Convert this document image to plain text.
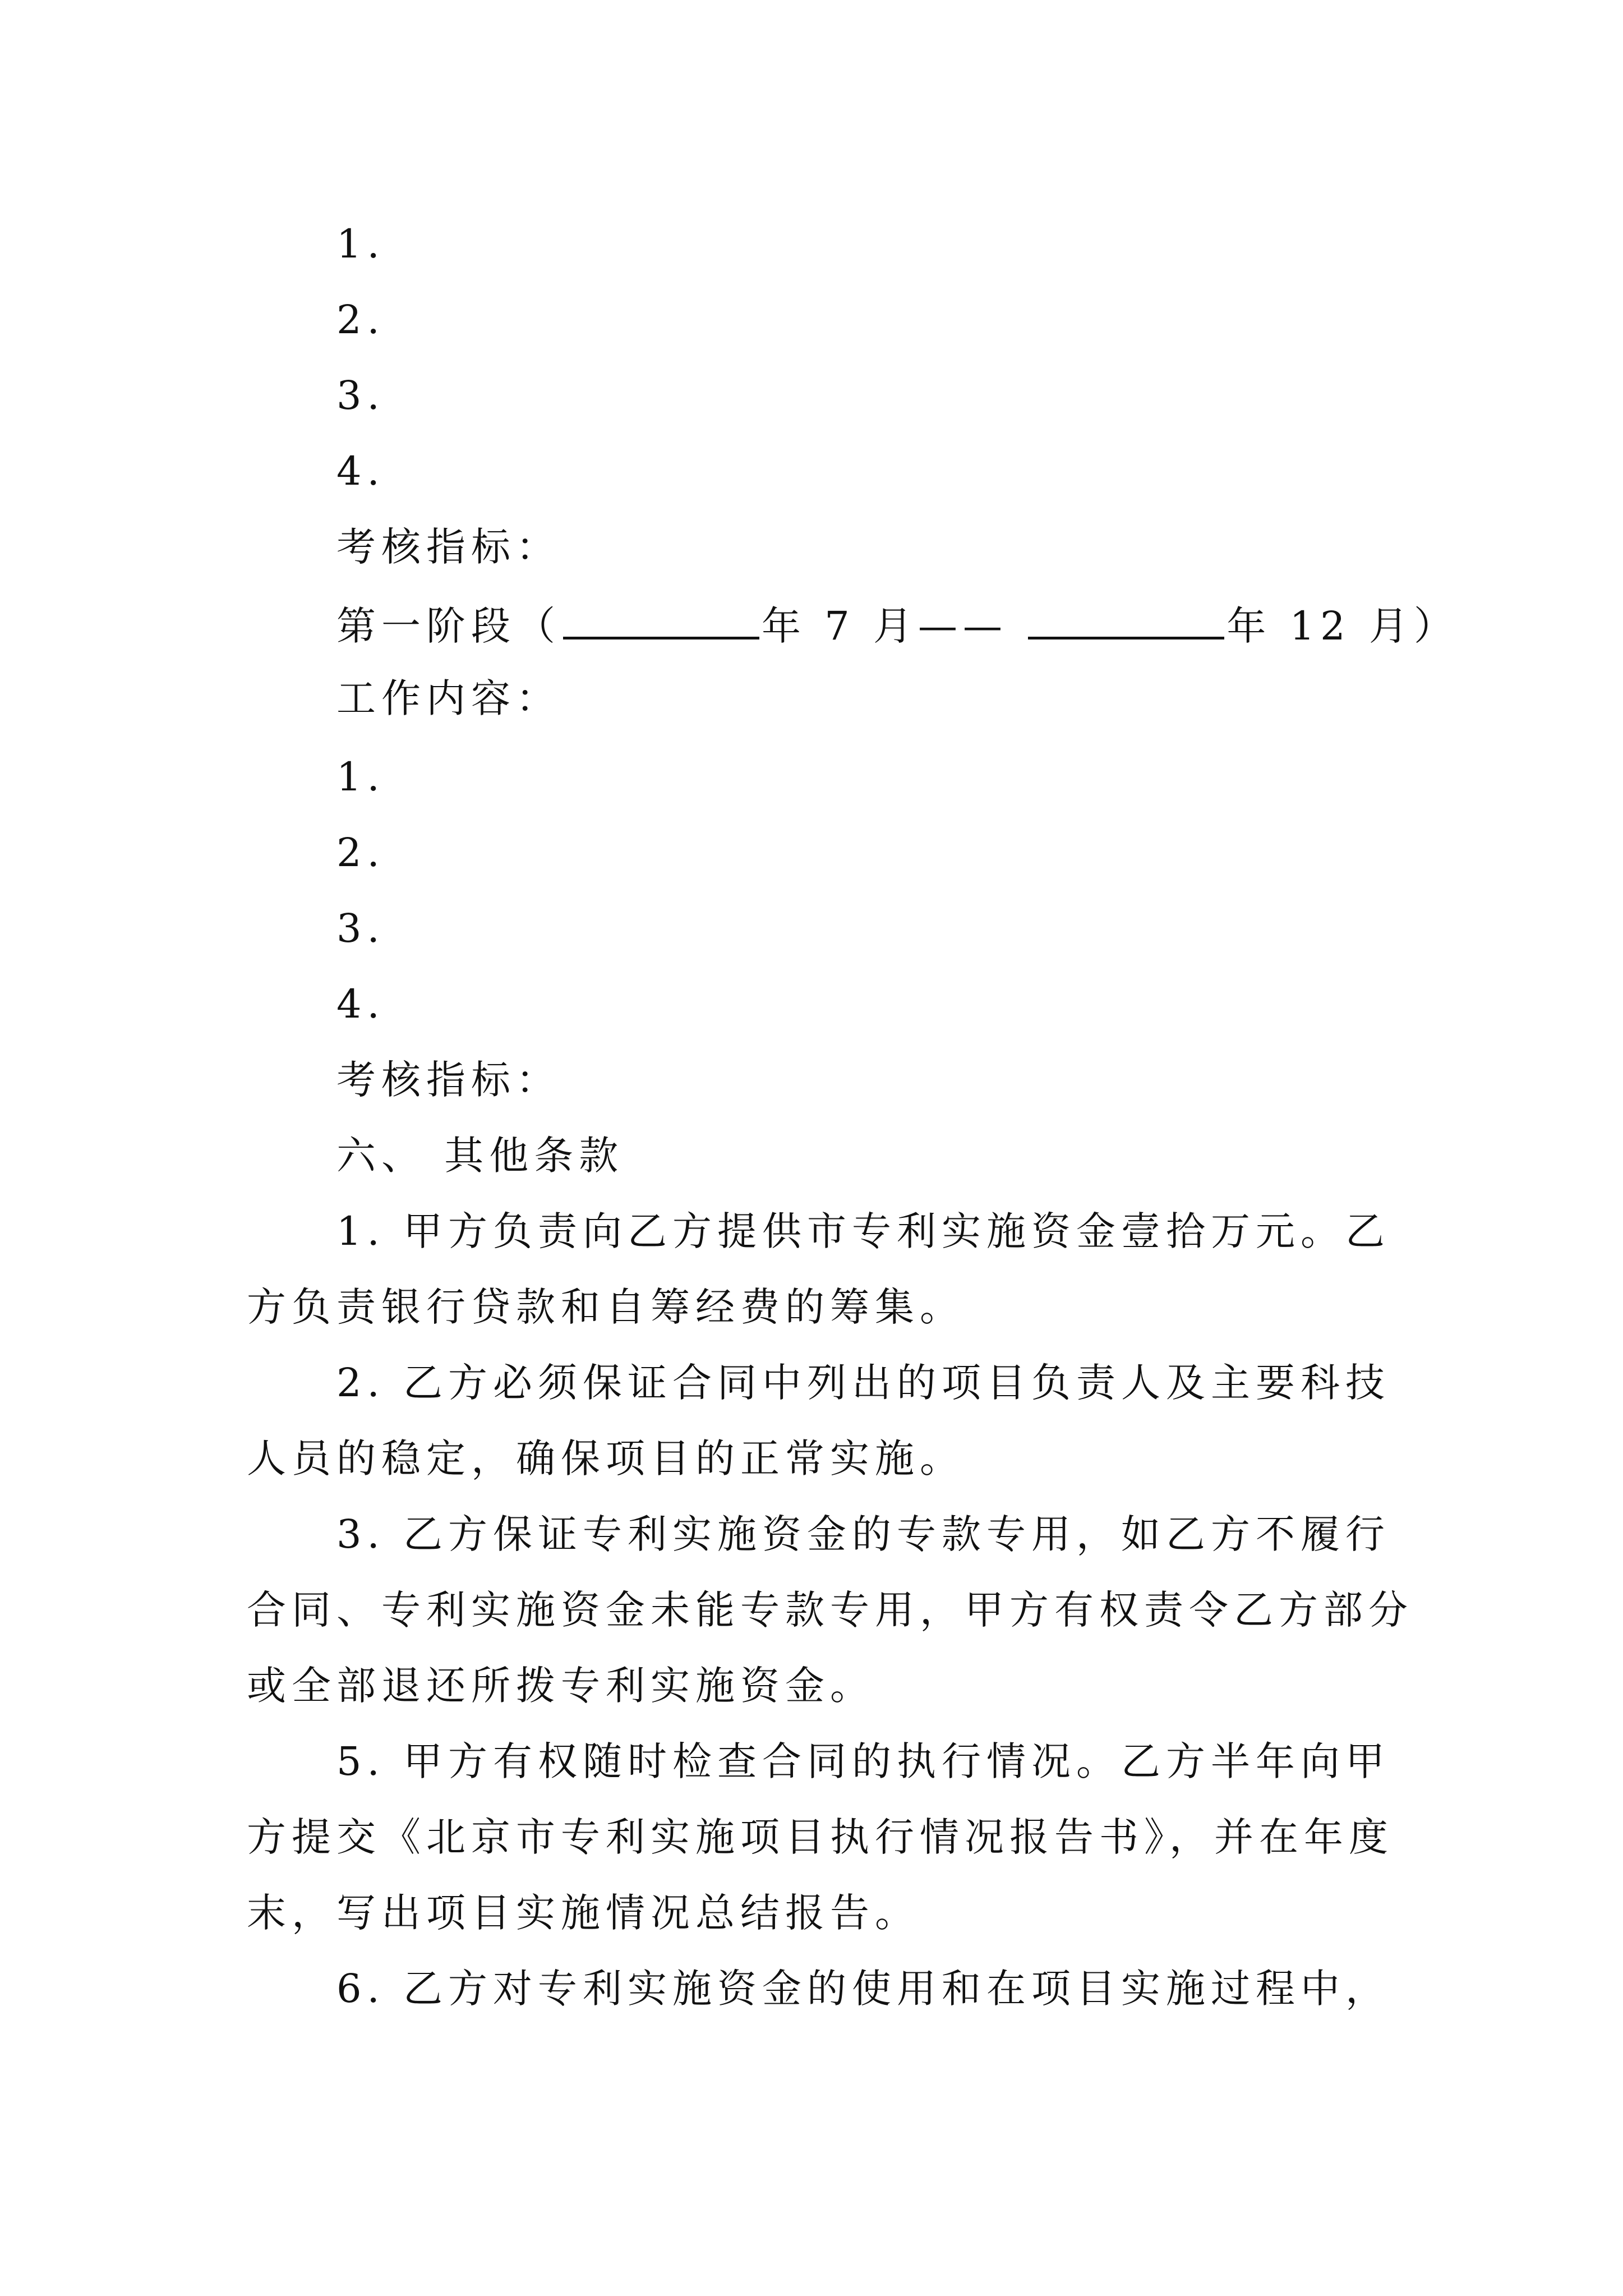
1.
2.
3.
4.
考核指标：
第一阶段（	年 7 月——	年 12 月）
工作内容：
1.
2.
3.
4.
考核指标：
六、 其他条款
1. 甲方负责向乙方提供市专利实施资金壹拾万元。乙
方负责银行贷款和自筹经费的筹集。
2. 乙方必须保证合同中列出的项目负责人及主要科技
人员的稳定，确保项目的正常实施。
3. 乙方保证专利实施资金的专款专用，如乙方不履行
合同、专利实施资金未能专款专用，甲方有权责令乙方部分
或全部退还所拨专利实施资金。
5. 甲方有权随时检查合同的执行情况。乙方半年向甲
方提交《北京市专利实施项目执行情况报告书》，并在年度
末，写出项目实施情况总结报告。
6. 乙方对专利实施资金的使用和在项目实施过程中，
